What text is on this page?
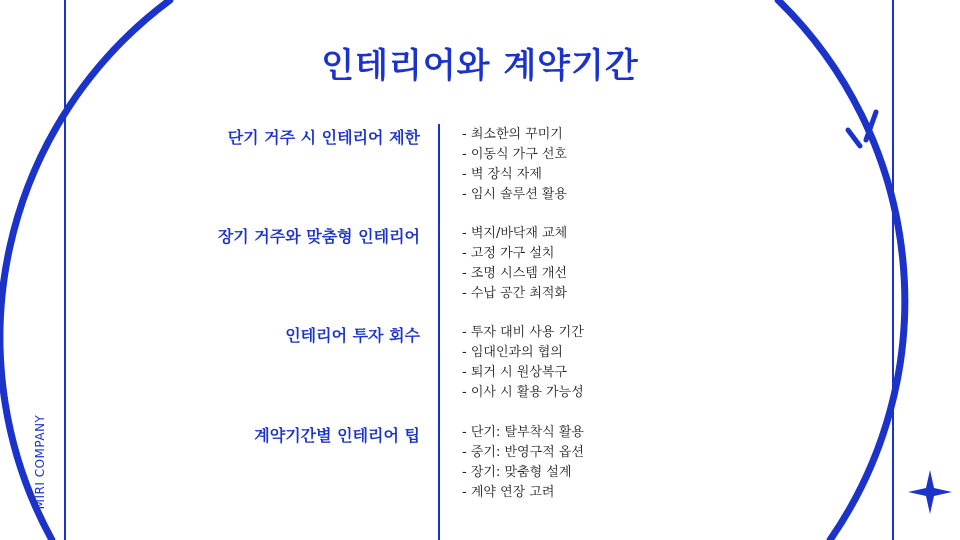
인테리어와 계약기간
단기 거주 시 인테리어 제한	- 최소한의 꾸미기
- 이동식 가구 선호
- 벽 장식 자제
- 임시 솔루션 활용
장기 거주와 맞춤형 인테리어	- 벽지/바닥재 교체
- 고정 가구 설치
- 조명 시스템 개선
- 수납 공간 최적화
인테리어 투자 회수	- 투자 대비 사용 기간
- 임대인과의 협의
- 퇴거 시 원상복구
- 이사 시 활용 가능성
계약기간별 인테리어 팁	- 단기: 탈부착식 활용
- 중기: 반영구적 옵션
- 장기: 맞춤형 설계
- 계약 연장 고려
MIRI COMPANY
